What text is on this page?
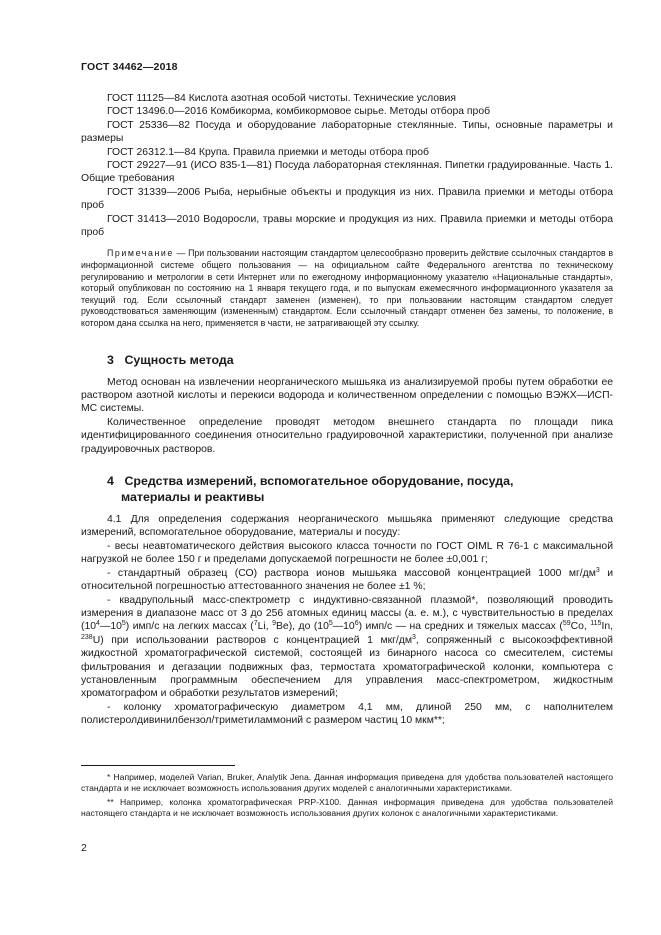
ГОСТ 34462—2018

ГОСТ 11125—84 Кислота азотная особой чистоты. Технические условия

ГОСТ 13496.0—2016 Комбикорма, комбикормовое сырье. Методы отбора проб

ГОСТ 25336—82 Посуда и оборудование лабораторные стеклянные. Типы, основные параметры и размеры

ГОСТ 26312.1—84 Крупа. Правила приемки и методы отбора проб

ГОСТ 29227—91 (ИСО 835-1—81) Посуда лабораторная стеклянная. Пипетки градуированные. Часть 1. Общие требования

ГОСТ 31339—2006 Рыба, нерыбные объекты и продукция из них. Правила приемки и методы отбора проб

ГОСТ 31413—2010 Водоросли, травы морские и продукция из них. Правила приемки и методы отбора проб

Примечание — При пользовании настоящим стандартом целесообразно проверить действие ссылочных стандартов в информационной системе общего пользования — на официальном сайте Федерального агентства по техническому регулированию и метрологии в сети Интернет или по ежегодному информационному указателю «Национальные стандарты», который опубликован по состоянию на 1 января текущего года, и по выпускам ежемесячного информационного указателя за текущий год. Если ссылочный стандарт заменен (изменен), то при пользовании настоящим стандартом следует руководствоваться заменяющим (измененным) стандартом. Если ссылочный стандарт отменен без замены, то положение, в котором дана ссылка на него, применяется в части, не затрагивающей эту ссылку.

3 Сущность метода

Метод основан на извлечении неорганического мышьяка из анализируемой пробы путем обработки ее раствором азотной кислоты и перекиси водорода и количественном определении с помощью ВЭЖХ—ИСП-МС системы.

Количественное определение проводят методом внешнего стандарта по площади пика идентифицированного соединения относительно градуировочной характеристики, полученной при анализе градуировочных растворов.

4 Средства измерений, вспомогательное оборудование, посуда,
материалы и реактивы

4.1 Для определения содержания неорганического мышьяка применяют следующие средства измерений, вспомогательное оборудование, материалы и посуду:

- весы неавтоматического действия высокого класса точности по ГОСТ OIML R 76-1 с максимальной нагрузкой не более 150 г и пределами допускаемой погрешности не более ±0,001 г;

- стандартный образец (СО) раствора ионов мышьяка массовой концентрацией 1000 $мг/дм^3$ и относительной погрешностью аттестованного значения не более ±1 %;

- квадрупольный масс-спектрометр с индуктивно-связанной плазмой*, позволяющий проводить измерения в диапазоне масс от 3 до 256 атомных единиц массы (а. е. м.), с чувствительностью в пределах $(10^4—10^5)$ имп/с на легких массах ($^7$Li, $^9$Be), до $(10^5—10^6)$ имп/с — на средних и тяжелых массах ($^{59}$Co, $^{115}$In, $^{238}$U) при использовании растворов с концентрацией 1 мкг/$дм^3$, сопряженный с высокоэффективной жидкостной хроматографической системой, состоящей из бинарного насоса со смесителем, системы фильтрования и дегазации подвижных фаз, термостата хроматографической колонки, компьютера с установленным программным обеспечением для управления масс-спектрометром, жидкостным хроматографом и обработки результатов измерений;

- колонку хроматографическую диаметром 4,1 мм, длиной 250 мм, с наполнителем полистеролдивинилбензол/триметиламмоний с размером частиц 10 мкм**;

* Например, моделей Varian, Bruker, Analytik Jena. Данная информация приведена для удобства пользователей настоящего стандарта и не исключает возможность использования других моделей с аналогичными характеристиками.

** Например, колонка хроматографическая PRP-X100. Данная информация приведена для удобства пользователей настоящего стандарта и не исключает возможность использования других колонок с аналогичными характеристиками.

2
